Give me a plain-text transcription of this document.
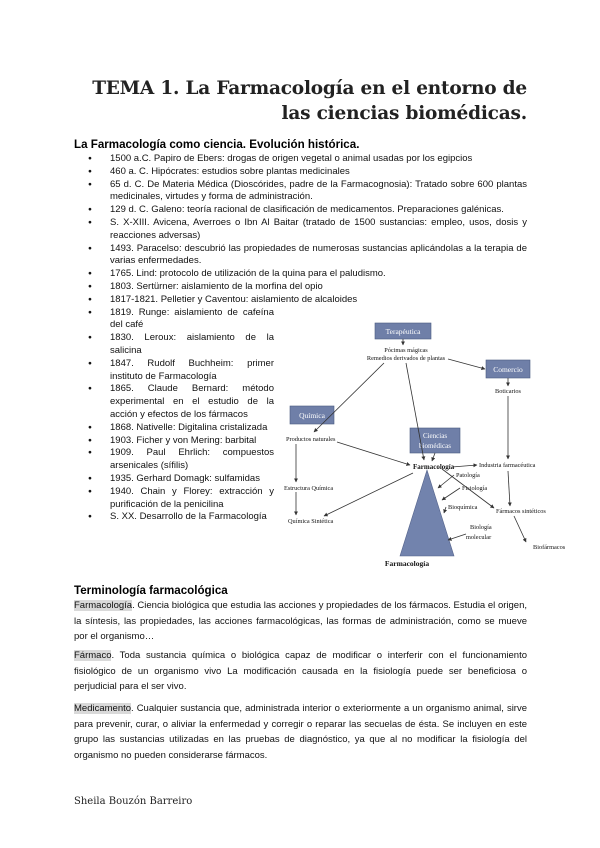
TEMA 1. La Farmacología en el entorno de las ciencias biomédicas.
La Farmacología como ciencia. Evolución histórica.
● 1500 a.C. Papiro de Ebers: drogas de origen vegetal o animal usadas por los egipcios
● 460 a. C. Hipócrates: estudios sobre plantas medicinales
● 65 d. C. De Materia Médica (Dioscórides, padre de la Farmacognosia): Tratado sobre 600 plantas medicinales, virtudes y forma de administración.
● 129 d. C. Galeno: teoría racional de clasificación de medicamentos. Preparaciones galénicas.
● S. X-XIII. Avicena, Averroes o Ibn Al Baitar (tratado de 1500 sustancias: empleo, usos, dosis y reacciones adversas)
● 1493. Paracelso: descubrió las propiedades de numerosas sustancias aplicándolas a la terapia de varias enfermedades.
● 1765. Lind: protocolo de utilización de la quina para el paludismo.
● 1803. Sertürner: aislamiento de la morfina del opio
● 1817-1821. Pelletier y Caventou: aislamiento de alcaloides
● 1819. Runge: aislamiento de cafeína del café
● 1830. Leroux: aislamiento de la salicina
● 1847. Rudolf Buchheim: primer instituto de Farmacología
● 1865. Claude Bernard: método experimental en el estudio de la acción y efectos de los fármacos
● 1868. Nativelle: Digitalina cristalizada
● 1903. Ficher y von Mering: barbital
● 1909. Paul Ehrlich: compuestos arsenicales (sífilis)
● 1935. Gerhard Domagk: sulfamidas
● 1940. Chain y Florey: extracción y purificación de la penicilina
● S. XX. Desarrollo de la Farmacología
Terapéutica
Comercio
Química
Ciencias
biomédicas
Pócimas mágicas
Remedios derivados de plantas
Boticarios
Productos naturales
Farmacología
Patología
Fisiología
Bioquímica
Biología
molecular
Estructura Química
Química Sintética
Industria farmacéutica
Fármacos sintéticos
Biofármacos
Farmacología
Terminología farmacológica
Farmacología. Ciencia biológica que estudia las acciones y propiedades de los fármacos. Estudia el origen, la síntesis, las propiedades, las acciones farmacológicas, las formas de administración, como se mueve por el organismo…
Fármaco. Toda sustancia química o biológica capaz de modificar o interferir con el funcionamiento fisiológico de un organismo vivo La modificación causada en la fisiología puede ser beneficiosa o perjudicial para el ser vivo.
Medicamento. Cualquier sustancia que, administrada interior o exteriormente a un organismo animal, sirve para prevenir, curar, o aliviar la enfermedad y corregir o reparar las secuelas de ésta. Se incluyen en este grupo las sustancias utilizadas en las pruebas de diagnóstico, ya que al no modificar la fisiología del organismo no pueden considerarse fármacos.
Sheila Bouzón Barreiro
